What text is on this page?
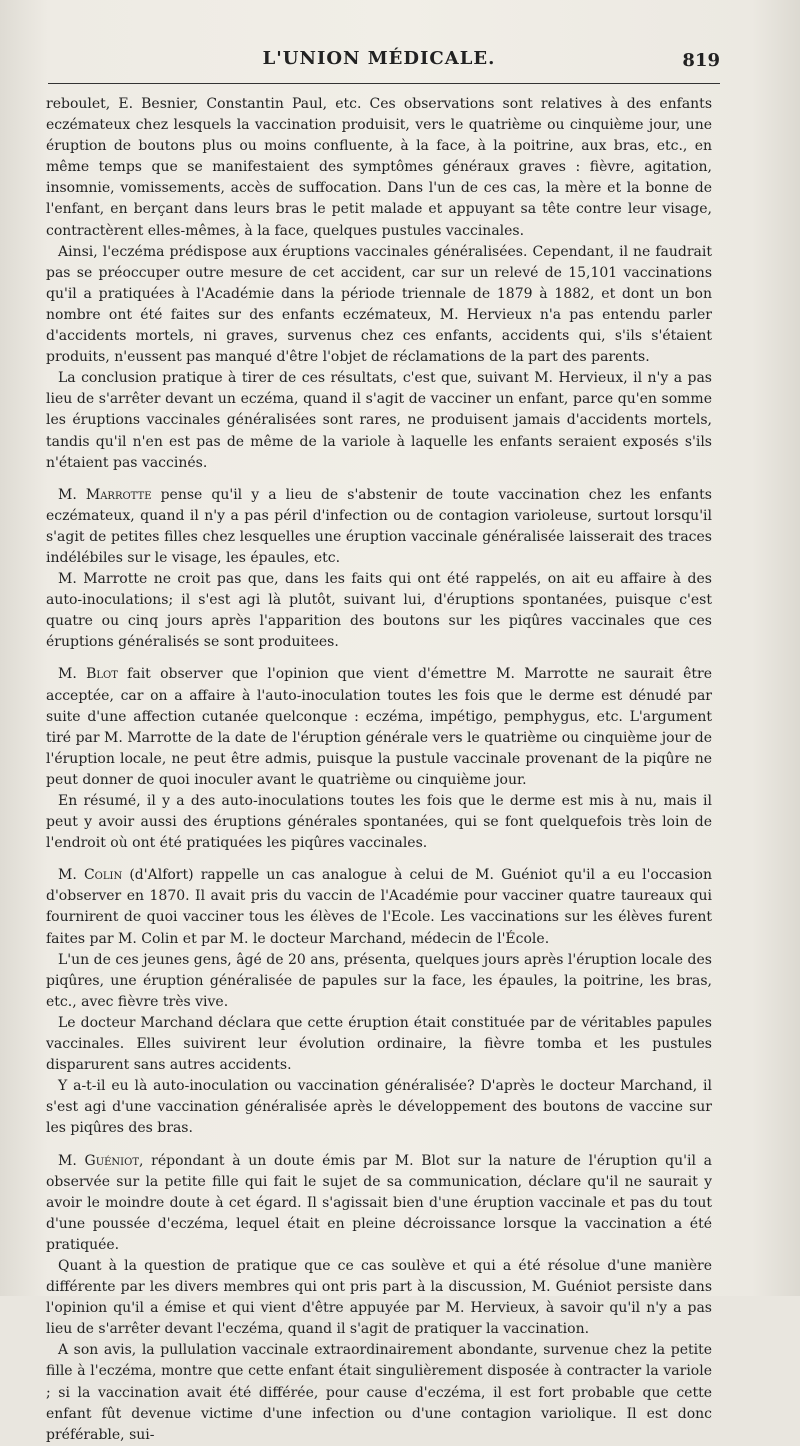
L'UNION MÉDICALE.	819

reboulet, E. Besnier, Constantin Paul, etc. Ces observations sont relatives à des enfants eczémateux chez lesquels la vaccination produisit, vers le quatrième ou cinquième jour, une éruption de boutons plus ou moins confluente, à la face, à la poitrine, aux bras, etc., en même temps que se manifestaient des symptômes généraux graves : fièvre, agitation, insomnie, vomissements, accès de suffocation. Dans l'un de ces cas, la mère et la bonne de l'enfant, en berçant dans leurs bras le petit malade et appuyant sa tête contre leur visage, contractèrent elles-mêmes, à la face, quelques pustules vaccinales.

Ainsi, l'eczéma prédispose aux éruptions vaccinales généralisées. Cependant, il ne faudrait pas se préoccuper outre mesure de cet accident, car sur un relevé de 15,101 vaccinations qu'il a pratiquées à l'Académie dans la période triennale de 1879 à 1882, et dont un bon nombre ont été faites sur des enfants eczémateux, M. Hervieux n'a pas entendu parler d'accidents mortels, ni graves, survenus chez ces enfants, accidents qui, s'ils s'étaient produits, n'eussent pas manqué d'être l'objet de réclamations de la part des parents.

La conclusion pratique à tirer de ces résultats, c'est que, suivant M. Hervieux, il n'y a pas lieu de s'arrêter devant un eczéma, quand il s'agit de vacciner un enfant, parce qu'en somme les éruptions vaccinales généralisées sont rares, ne produisent jamais d'accidents mortels, tandis qu'il n'en est pas de même de la variole à laquelle les enfants seraient exposés s'ils n'étaient pas vaccinés.

M. Marrotte pense qu'il y a lieu de s'abstenir de toute vaccination chez les enfants eczémateux, quand il n'y a pas péril d'infection ou de contagion varioleuse, surtout lorsqu'il s'agit de petites filles chez lesquelles une éruption vaccinale généralisée laisserait des traces indélébiles sur le visage, les épaules, etc.

M. Marrotte ne croit pas que, dans les faits qui ont été rappelés, on ait eu affaire à des auto-inoculations; il s'est agi là plutôt, suivant lui, d'éruptions spontanées, puisque c'est quatre ou cinq jours après l'apparition des boutons sur les piqûres vaccinales que ces éruptions généralisés se sont produitees.

M. Blot fait observer que l'opinion que vient d'émettre M. Marrotte ne saurait être acceptée, car on a affaire à l'auto-inoculation toutes les fois que le derme est dénudé par suite d'une affection cutanée quelconque : eczéma, impétigo, pemphygus, etc. L'argument tiré par M. Marrotte de la date de l'éruption générale vers le quatrième ou cinquième jour de l'éruption locale, ne peut être admis, puisque la pustule vaccinale provenant de la piqûre ne peut donner de quoi inoculer avant le quatrième ou cinquième jour.

En résumé, il y a des auto-inoculations toutes les fois que le derme est mis à nu, mais il peut y avoir aussi des éruptions générales spontanées, qui se font quelquefois très loin de l'endroit où ont été pratiquées les piqûres vaccinales.

M. Colin (d'Alfort) rappelle un cas analogue à celui de M. Guéniot qu'il a eu l'occasion d'observer en 1870. Il avait pris du vaccin de l'Académie pour vacciner quatre taureaux qui fournirent de quoi vacciner tous les élèves de l'Ecole. Les vaccinations sur les élèves furent faites par M. Colin et par M. le docteur Marchand, médecin de l'École.

L'un de ces jeunes gens, âgé de 20 ans, présenta, quelques jours après l'éruption locale des piqûres, une éruption généralisée de papules sur la face, les épaules, la poitrine, les bras, etc., avec fièvre très vive.

Le docteur Marchand déclara que cette éruption était constituée par de véritables papules vaccinales. Elles suivirent leur évolution ordinaire, la fièvre tomba et les pustules disparurent sans autres accidents.

Y a-t-il eu là auto-inoculation ou vaccination généralisée? D'après le docteur Marchand, il s'est agi d'une vaccination généralisée après le développement des boutons de vaccine sur les piqûres des bras.

M. Guéniot, répondant à un doute émis par M. Blot sur la nature de l'éruption qu'il a observée sur la petite fille qui fait le sujet de sa communication, déclare qu'il ne saurait y avoir le moindre doute à cet égard. Il s'agissait bien d'une éruption vaccinale et pas du tout d'une poussée d'eczéma, lequel était en pleine décroissance lorsque la vaccination a été pratiquée.

Quant à la question de pratique que ce cas soulève et qui a été résolue d'une manière différente par les divers membres qui ont pris part à la discussion, M. Guéniot persiste dans l'opinion qu'il a émise et qui vient d'être appuyée par M. Hervieux, à savoir qu'il n'y a pas lieu de s'arrêter devant l'eczéma, quand il s'agit de pratiquer la vaccination.

A son avis, la pullulation vaccinale extraordinairement abondante, survenue chez la petite fille à l'eczéma, montre que cette enfant était singulièrement disposée à contracter la variole ; si la vaccination avait été différée, pour cause d'eczéma, il est fort probable que cette enfant fût devenue victime d'une infection ou d'une contagion variolique. Il est donc préférable, sui-
